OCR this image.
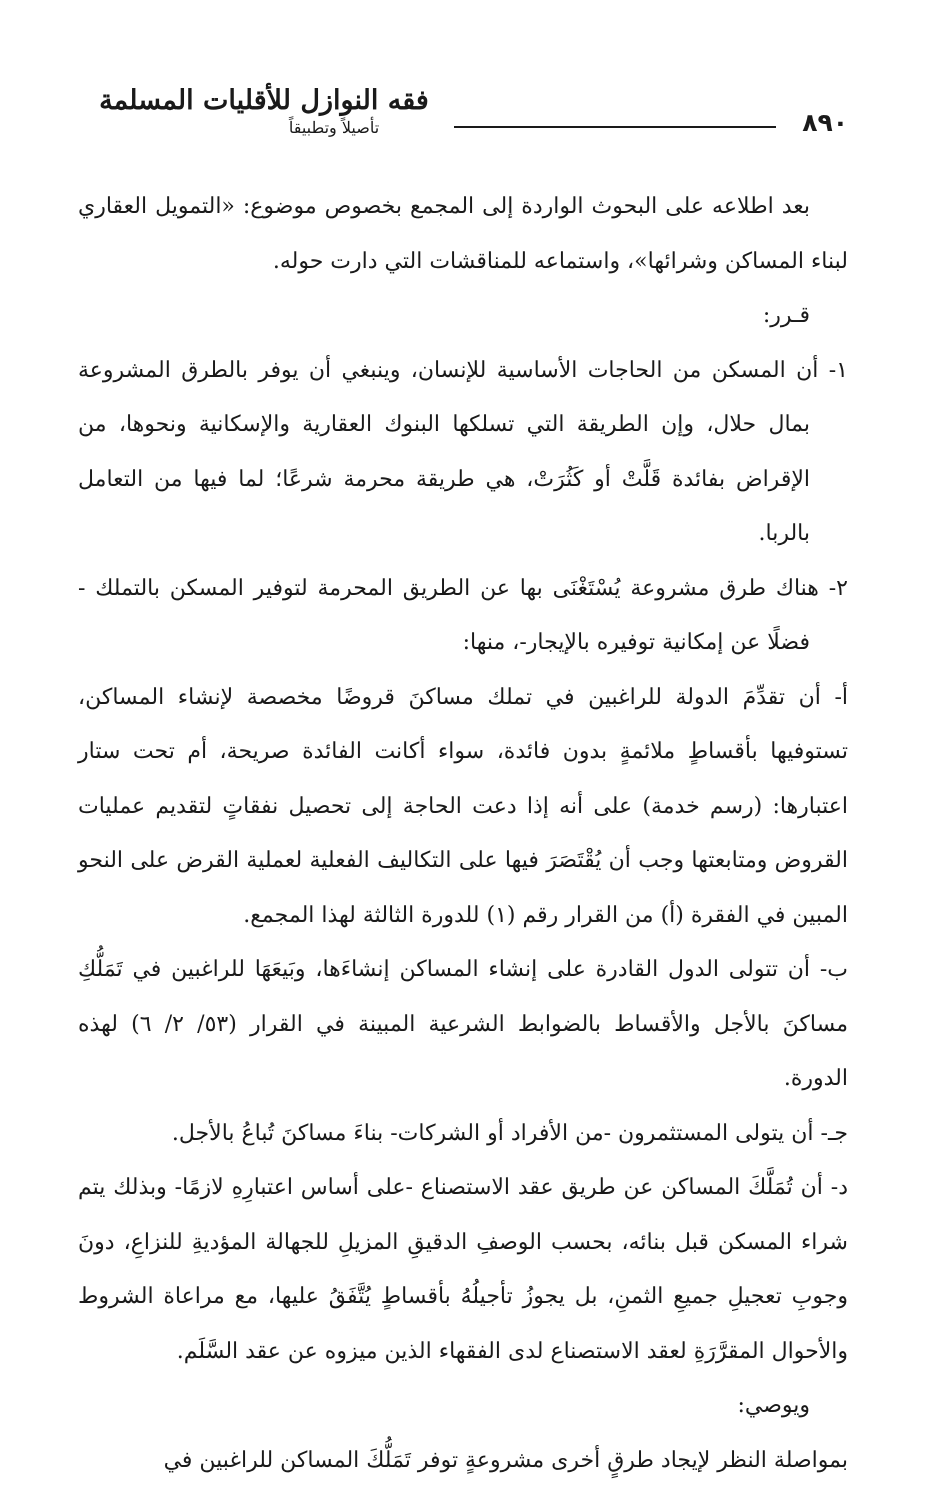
٨٩٠
فقه النوازل للأقليات المسلمة
تأصيلاً وتطبيقاً

بعد اطلاعه على البحوث الواردة إلى المجمع بخصوص موضوع: «التمويل العقاري لبناء المساكن وشرائها»، واستماعه للمناقشات التي دارت حوله.

قـرر:

١- أن المسكن من الحاجات الأساسية للإنسان، وينبغي أن يوفر بالطرق المشروعة بمال حلال، وإن الطريقة التي تسلكها البنوك العقارية والإسكانية ونحوها، من الإقراض بفائدة قَلَّتْ أو كَثُرَتْ، هي طريقة محرمة شرعًا؛ لما فيها من التعامل بالربا.

٢- هناك طرق مشروعة يُسْتَغْنَى بها عن الطريق المحرمة لتوفير المسكن بالتملك - فضلًا عن إمكانية توفيره بالإيجار-، منها:

أ- أن تقدِّمَ الدولة للراغبين في تملك مساكنَ قروضًا مخصصة لإنشاء المساكن، تستوفيها بأقساطٍ ملائمةٍ بدون فائدة، سواء أكانت الفائدة صريحة، أم تحت ستار اعتبارها: (رسم خدمة) على أنه إذا دعت الحاجة إلى تحصيل نفقاتٍ لتقديم عمليات القروض ومتابعتها وجب أن يُقْتَصَرَ فيها على التكاليف الفعلية لعملية القرض على النحو المبين في الفقرة (أ) من القرار رقم (١) للدورة الثالثة لهذا المجمع.

ب- أن تتولى الدول القادرة على إنشاء المساكن إنشاءَها، وبَيعَهَا للراغبين في تَمَلُّكِ مساكنَ بالأجل والأقساط بالضوابط الشرعية المبينة في القرار (٥٣/ ٢/ ٦) لهذه الدورة.

جـ- أن يتولى المستثمرون -من الأفراد أو الشركات- بناءَ مساكنَ تُباعُ بالأجل.

د- أن تُمَلَّكَ المساكن عن طريق عقد الاستصناع -على أساس اعتبارِهِ لازمًا- وبذلك يتم شراء المسكن قبل بنائه، بحسب الوصفِ الدقيقِ المزيلِ للجهالة المؤديةِ للنزاعِ، دونَ وجوبِ تعجيلِ جميعِ الثمنِ، بل يجوزُ تأجيلُهُ بأقساطٍ يُتَّفَقُ عليها، مع مراعاة الشروط والأحوال المقرَّرَةِ لعقد الاستصناع لدى الفقهاء الذين ميزوه عن عقد السَّلَم.

ويوصي:

بمواصلة النظر لإيجاد طرقٍ أخرى مشروعةٍ توفر تَمَلُّكَ المساكن للراغبين في
